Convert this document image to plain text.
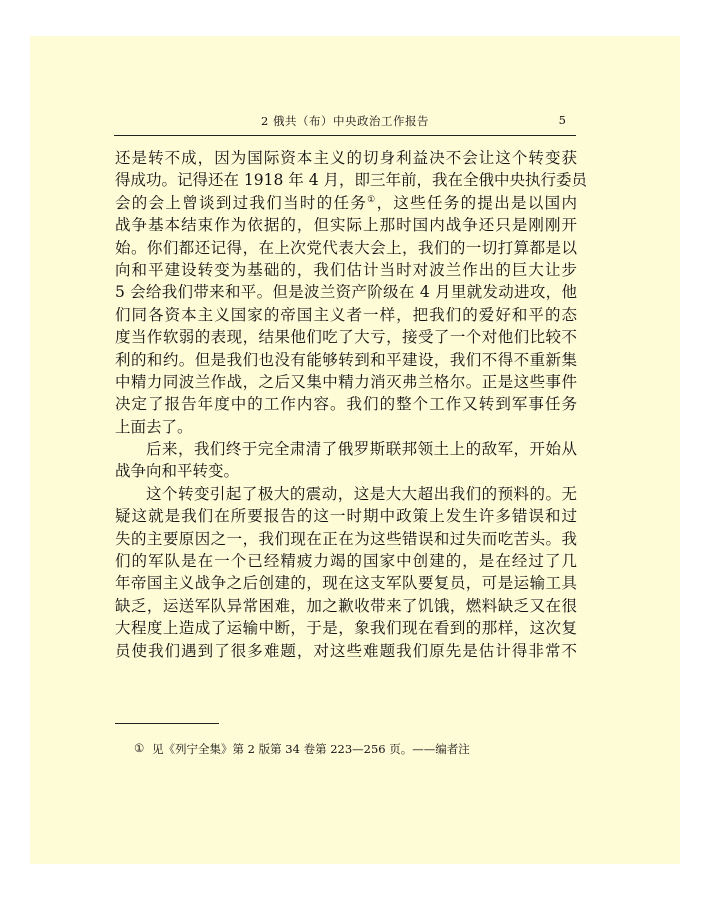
2 俄共（布）中央政治工作报告	5
还是转不成，因为国际资本主义的切身利益决不会让这个转变获
得成功。记得还在 1918 年 4 月，即三年前，我在全俄中央执行委员
会的会上曾谈到过我们当时的任务①，这些任务的提出是以国内
战争基本结束作为依据的，但实际上那时国内战争还只是刚刚开
始。你们都还记得，在上次党代表大会上，我们的一切打算都是以
向和平建设转变为基础的，我们估计当时对波兰作出的巨大让步
5 会给我们带来和平。但是波兰资产阶级在 4 月里就发动进攻，他
们同各资本主义国家的帝国主义者一样，把我们的爱好和平的态
度当作软弱的表现，结果他们吃了大亏，接受了一个对他们比较不
利的和约。但是我们也没有能够转到和平建设，我们不得不重新集
中精力同波兰作战，之后又集中精力消灭弗兰格尔。正是这些事件
决定了报告年度中的工作内容。我们的整个工作又转到军事任务
上面去了。
后来，我们终于完全肃清了俄罗斯联邦领土上的敌军，开始从
战争向和平转变。
这个转变引起了极大的震动，这是大大超出我们的预料的。无
疑这就是我们在所要报告的这一时期中政策上发生许多错误和过
失的主要原因之一，我们现在正在为这些错误和过失而吃苦头。我
们的军队是在一个已经精疲力竭的国家中创建的，是在经过了几
年帝国主义战争之后创建的，现在这支军队要复员，可是运输工具
缺乏，运送军队异常困难，加之歉收带来了饥饿，燃料缺乏又在很
大程度上造成了运输中断，于是，象我们现在看到的那样，这次复
员使我们遇到了很多难题，对这些难题我们原先是估计得非常不
① 见《列宁全集》第 2 版第 34 卷第 223—256 页。——编者注
